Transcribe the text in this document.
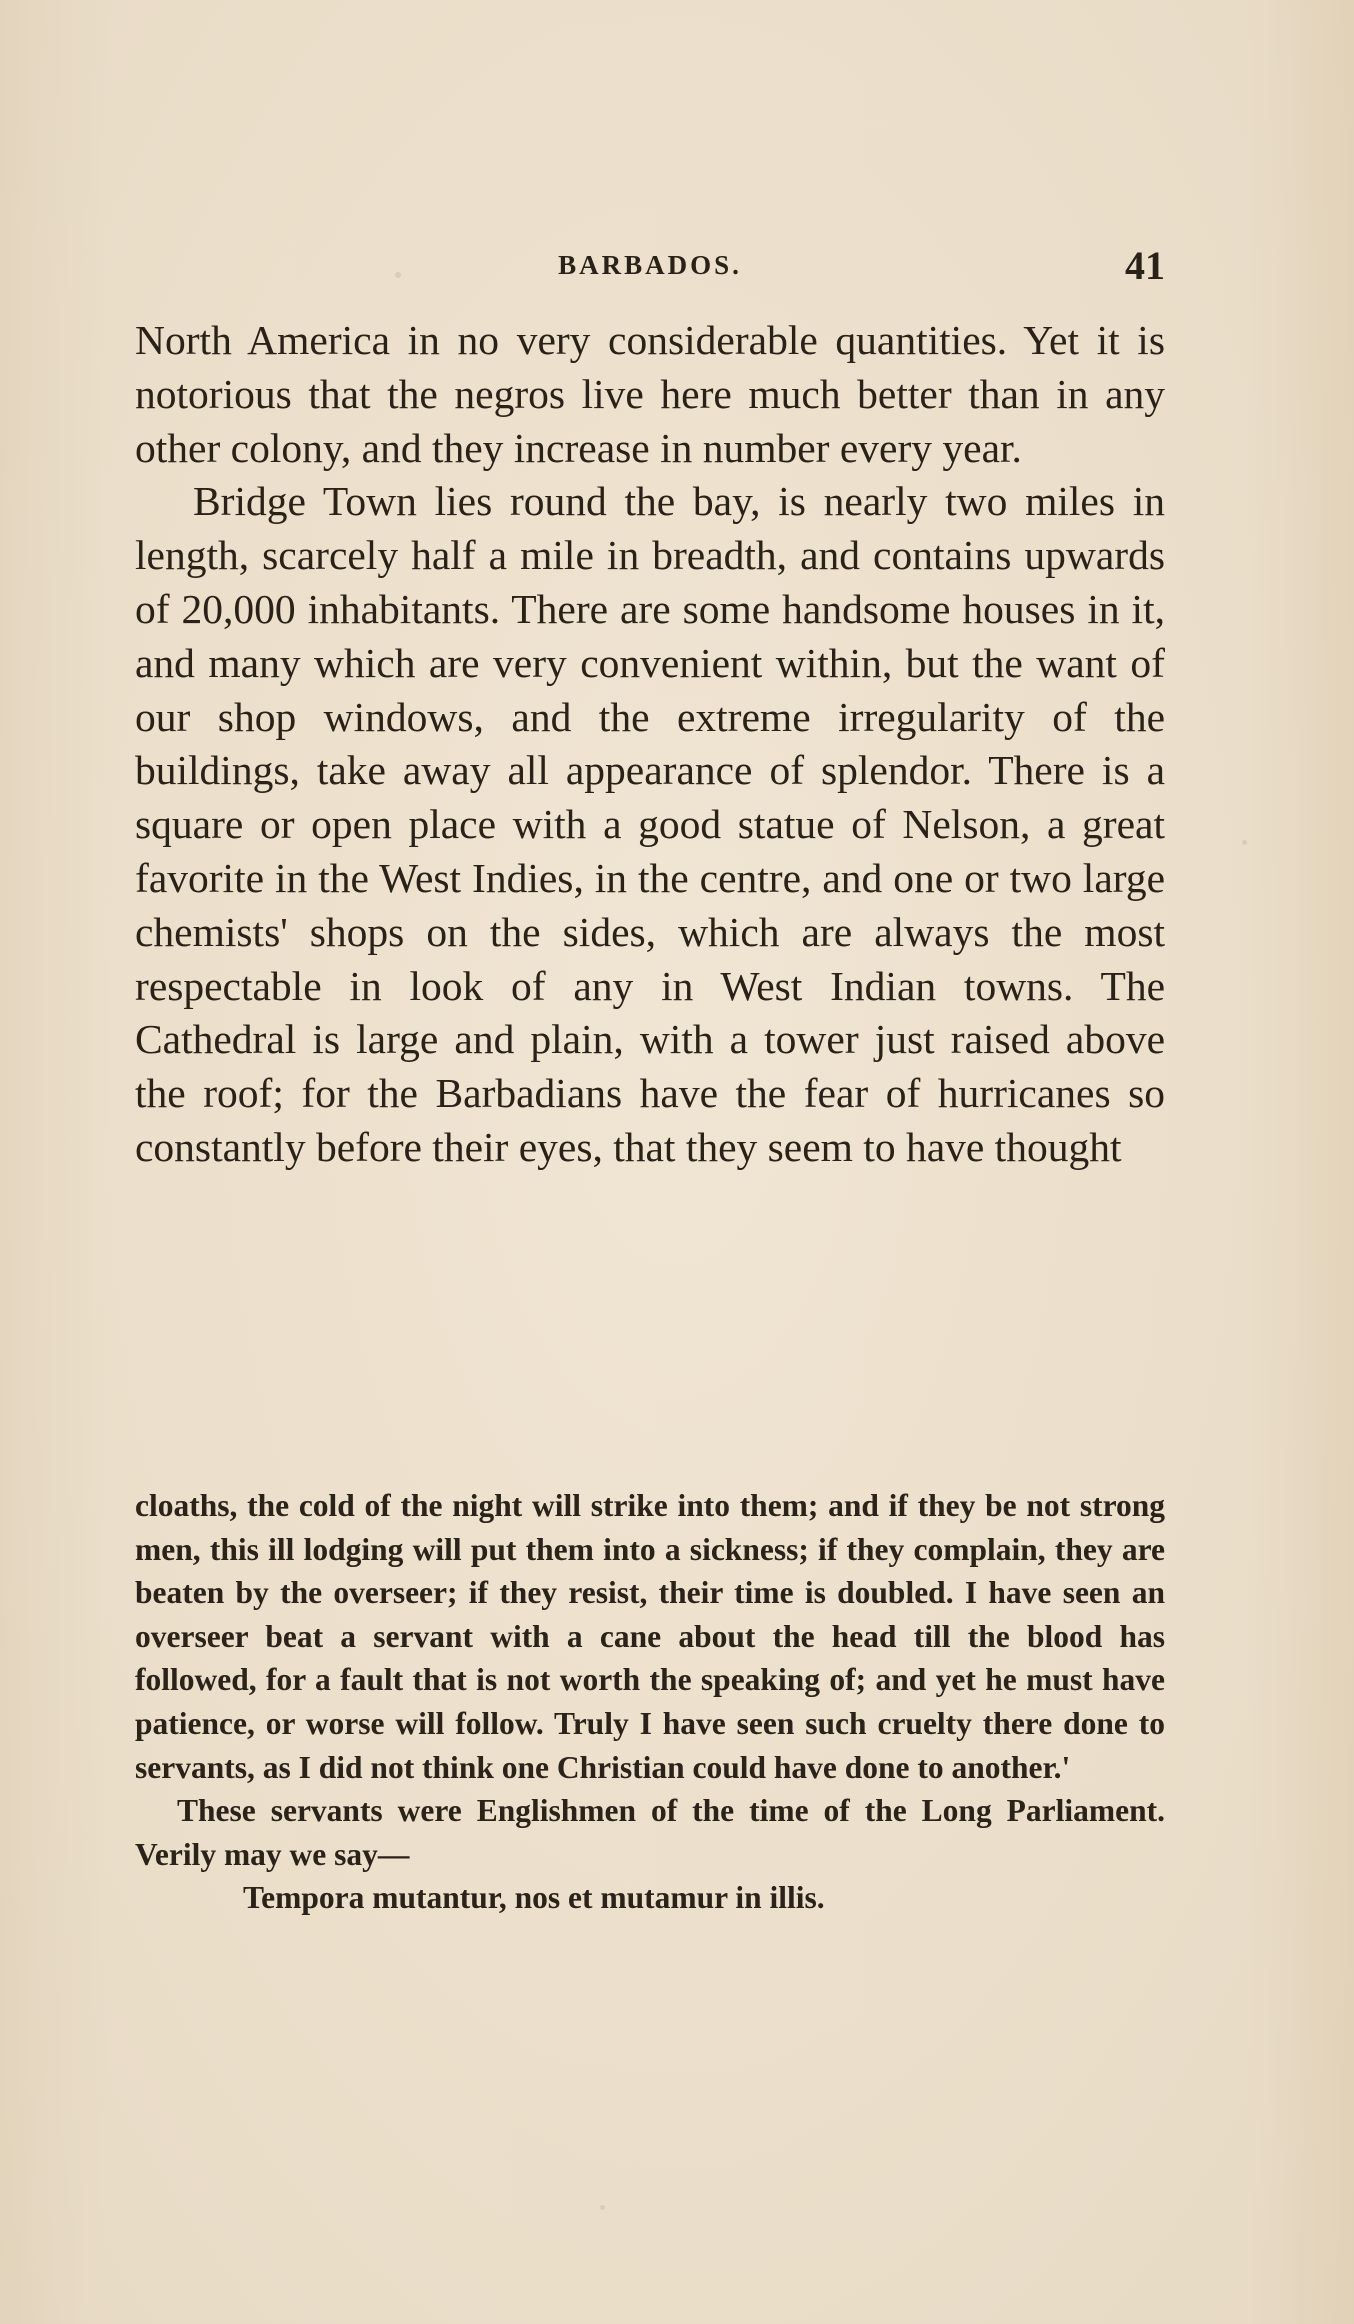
BARBADOS.	41

North America in no very considerable quantities. Yet it is notorious that the negros live here much better than in any other colony, and they increase in number every year.

Bridge Town lies round the bay, is nearly two miles in length, scarcely half a mile in breadth, and contains upwards of 20,000 inhabitants. There are some handsome houses in it, and many which are very convenient within, but the want of our shop windows, and the extreme irregularity of the buildings, take away all appearance of splendor. There is a square or open place with a good statue of Nelson, a great favorite in the West Indies, in the centre, and one or two large chemists' shops on the sides, which are always the most respectable in look of any in West Indian towns. The Cathedral is large and plain, with a tower just raised above the roof; for the Barbadians have the fear of hurricanes so constantly before their eyes, that they seem to have thought

cloaths, the cold of the night will strike into them; and if they be not strong men, this ill lodging will put them into a sickness; if they complain, they are beaten by the overseer; if they resist, their time is doubled. I have seen an overseer beat a servant with a cane about the head till the blood has followed, for a fault that is not worth the speaking of; and yet he must have patience, or worse will follow. Truly I have seen such cruelty there done to servants, as I did not think one Christian could have done to another.'

These servants were Englishmen of the time of the Long Parliament. Verily may we say—

Tempora mutantur, nos et mutamur in illis.
